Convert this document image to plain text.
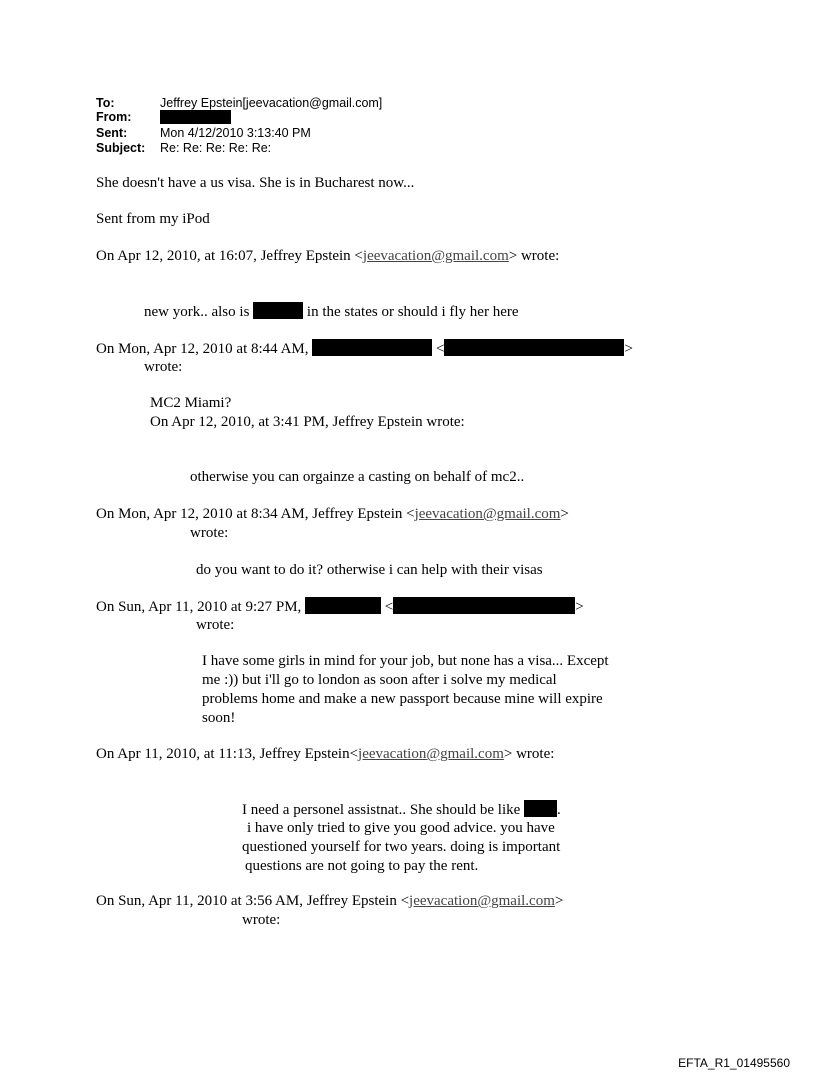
To:	Jeffrey Epstein[jeevacation@gmail.com]
From:
Sent:	Mon 4/12/2010 3:13:40 PM
Subject: Re: Re: Re: Re: Re:
She doesn't have a us visa. She is in Bucharest now...
Sent from my iPod
On Apr 12, 2010, at 16:07, Jeffrey Epstein <jeevacation@gmail.com> wrote:
new york.. also is	in the states or should i fly her here
On Mon, Apr 12, 2010 at 8:44 AM,	<	>
wrote:
MC2 Miami?
On Apr 12, 2010, at 3:41 PM, Jeffrey Epstein wrote:
otherwise you can orgainze a casting on behalf of mc2..
On Mon, Apr 12, 2010 at 8:34 AM, Jeffrey Epstein <jeevacation@gmail.com>
wrote:
do you want to do it? otherwise i can help with their visas
On Sun, Apr 11, 2010 at 9:27 PM,	<	>
wrote:
I have some girls in mind for your job, but none has a visa... Except
me :)) but i'll go to london as soon after i solve my medical
problems home and make a new passport because mine will expire
soon!
On Apr 11, 2010, at 11:13, Jeffrey Epstein<jeevacation@gmail.com> wrote:
I need a personel assistnat.. She should be like .
i have only tried to give you good advice. you have
questioned yourself for two years. doing is important
questions are not going to pay the rent.
On Sun, Apr 11, 2010 at 3:56 AM, Jeffrey Epstein <jeevacation@gmail.com>
wrote:
EFTA_R1_01495560
